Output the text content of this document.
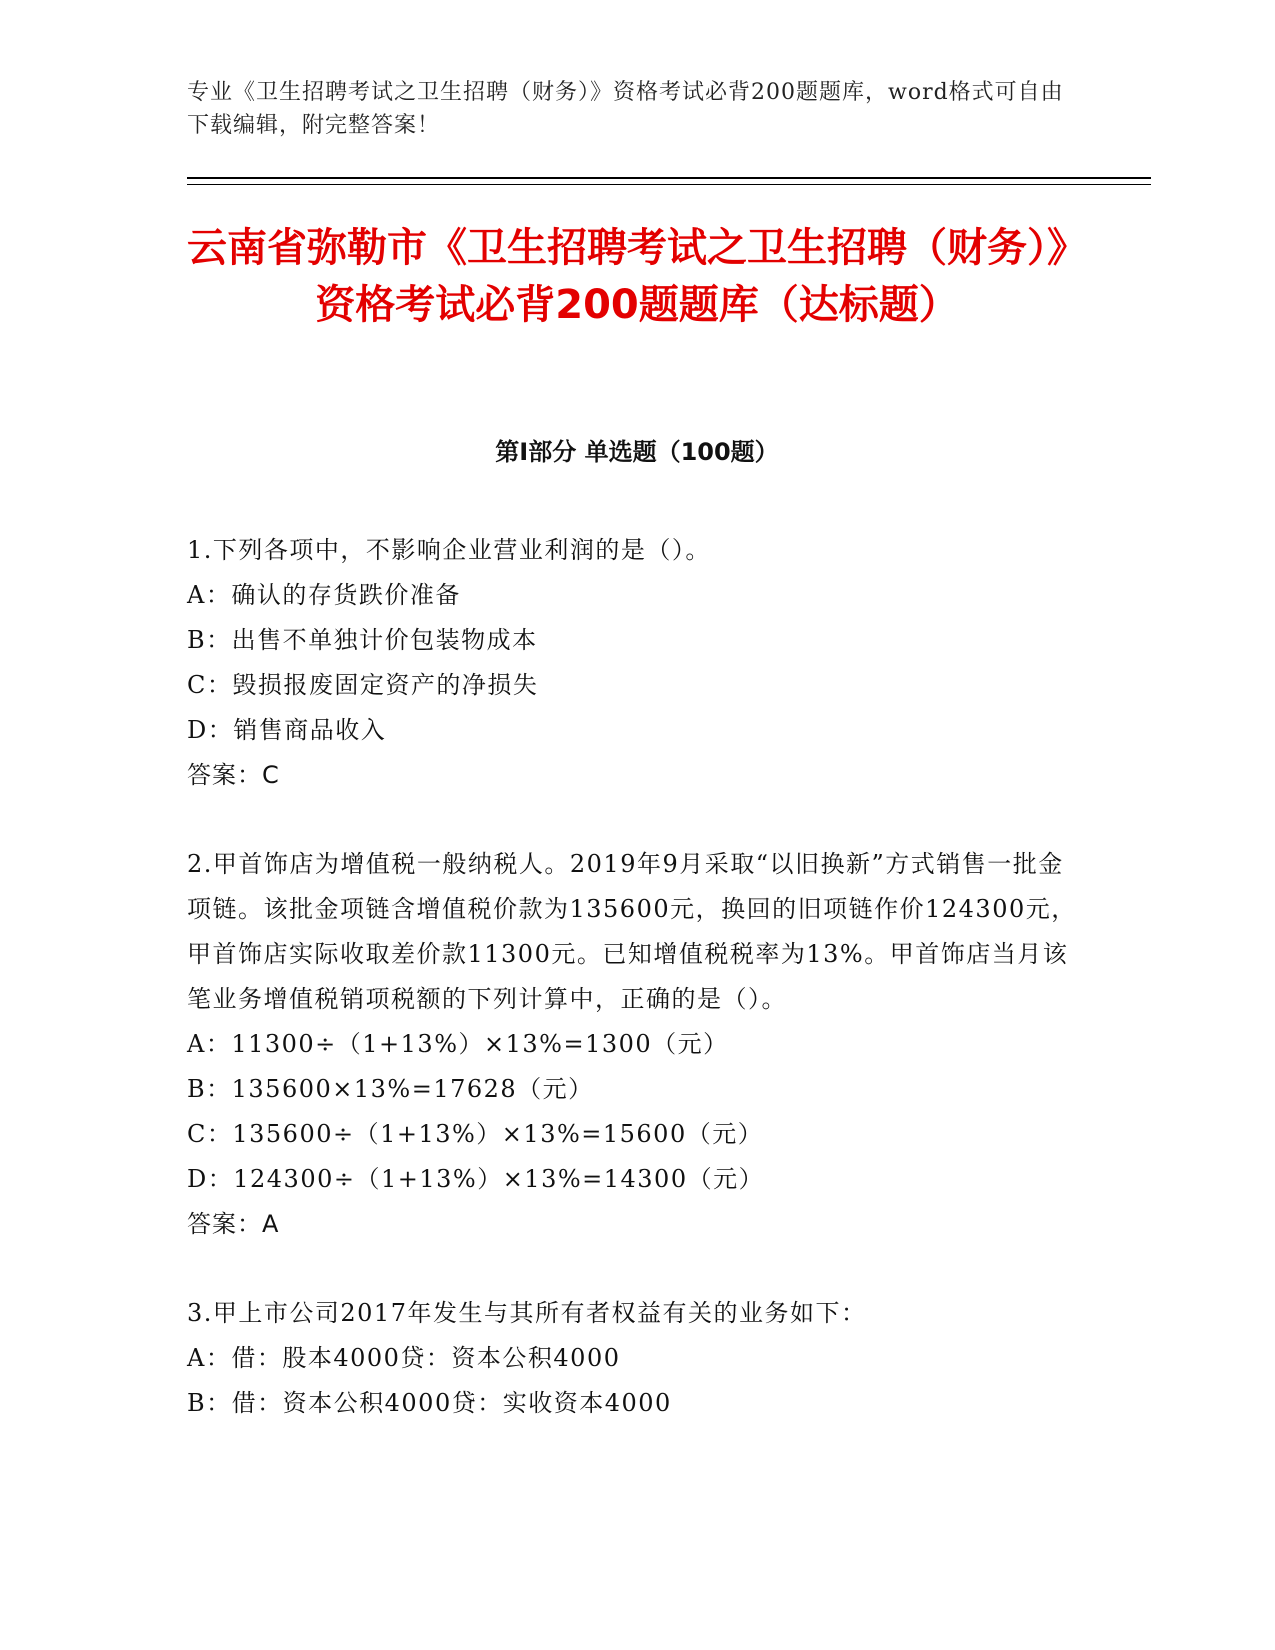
专业《卫生招聘考试之卫生招聘（财务）》资格考试必背200题题库，word格式可自由下载编辑，附完整答案！
云南省弥勒市《卫生招聘考试之卫生招聘（财务）》资格考试必背200题题库（达标题）
第Ⅰ部分 单选题（100题）
1.下列各项中，不影响企业营业利润的是（）。
A：确认的存货跌价准备
B：出售不单独计价包装物成本
C：毁损报废固定资产的净损失
D：销售商品收入
答案：C
2.甲首饰店为增值税一般纳税人。2019年9月采取“以旧换新”方式销售一批金项链。该批金项链含增值税价款为135600元，换回的旧项链作价124300元，甲首饰店实际收取差价款11300元。已知增值税税率为13%。甲首饰店当月该笔业务增值税销项税额的下列计算中，正确的是（）。
A：11300÷（1+13%）×13%=1300（元）
B：135600×13%=17628（元）
C：135600÷（1+13%）×13%=15600（元）
D：124300÷（1+13%）×13%=14300（元）
答案：A
3.甲上市公司2017年发生与其所有者权益有关的业务如下：
A：借：股本4000贷：资本公积4000
B：借：资本公积4000贷：实收资本4000
